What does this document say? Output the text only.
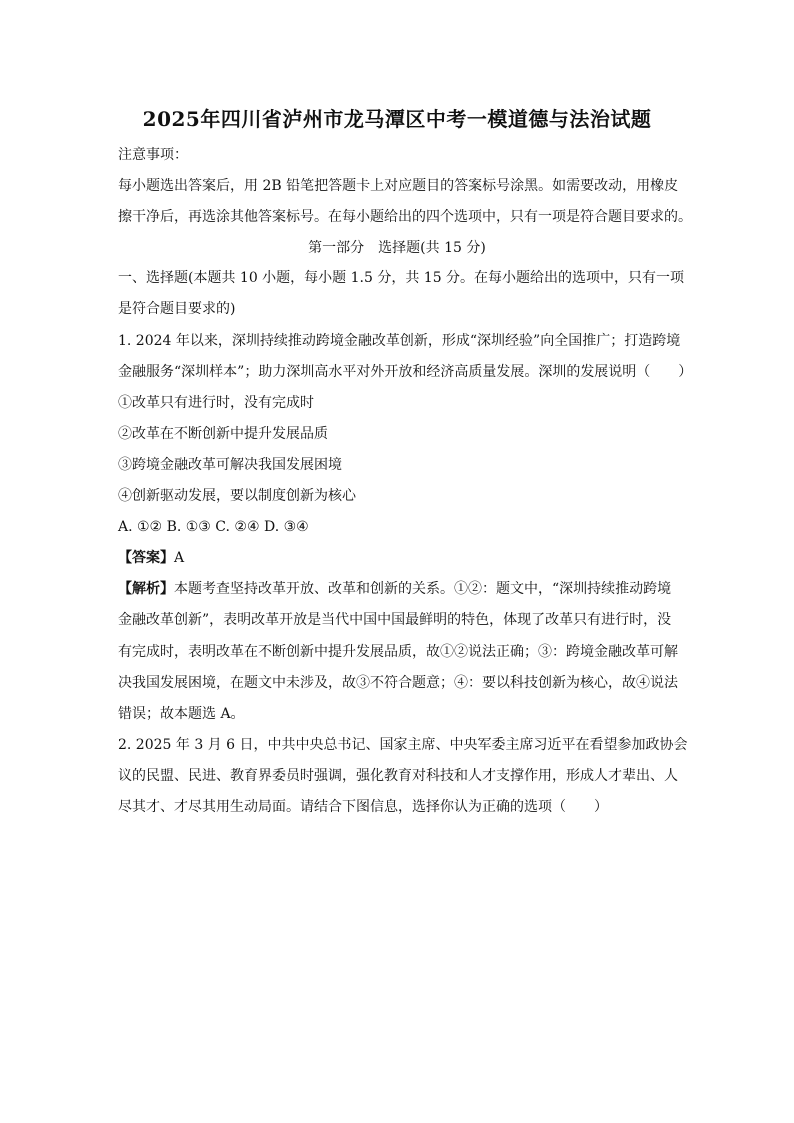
2025年四川省泸州市龙马潭区中考一模道德与法治试题
注意事项：
每小题选出答案后，用 2B 铅笔把答题卡上对应题目的答案标号涂黑。如需要改动，用橡皮
擦干净后，再选涂其他答案标号。在每小题给出的四个选项中，只有一项是符合题目要求的。
第一部分　选择题(共 15 分)
一、选择题(本题共 10 小题，每小题 1.5 分，共 15 分。在每小题给出的选项中，只有一项
是符合题目要求的)
1. 2024 年以来，深圳持续推动跨境金融改革创新，形成“深圳经验”向全国推广；打造跨境
金融服务“深圳样本”；助力深圳高水平对外开放和经济高质量发展。深圳的发展说明（　　）
①改革只有进行时，没有完成时
②改革在不断创新中提升发展品质
③跨境金融改革可解决我国发展困境
④创新驱动发展，要以制度创新为核心
A. ①② B. ①③ C. ②④ D. ③④
【答案】A
【解析】本题考查坚持改革开放、改革和创新的关系。①②：题文中，“深圳持续推动跨境
金融改革创新”，表明改革开放是当代中国中国最鲜明的特色，体现了改革只有进行时，没
有完成时，表明改革在不断创新中提升发展品质，故①②说法正确；③：跨境金融改革可解
决我国发展困境，在题文中未涉及，故③不符合题意；④：要以科技创新为核心，故④说法
错误；故本题选 A。
2. 2025 年 3 月 6 日，中共中央总书记、国家主席、中央军委主席习近平在看望参加政协会
议的民盟、民进、教育界委员时强调，强化教育对科技和人才支撑作用，形成人才辈出、人
尽其才、才尽其用生动局面。请结合下图信息，选择你认为正确的选项（　　）
